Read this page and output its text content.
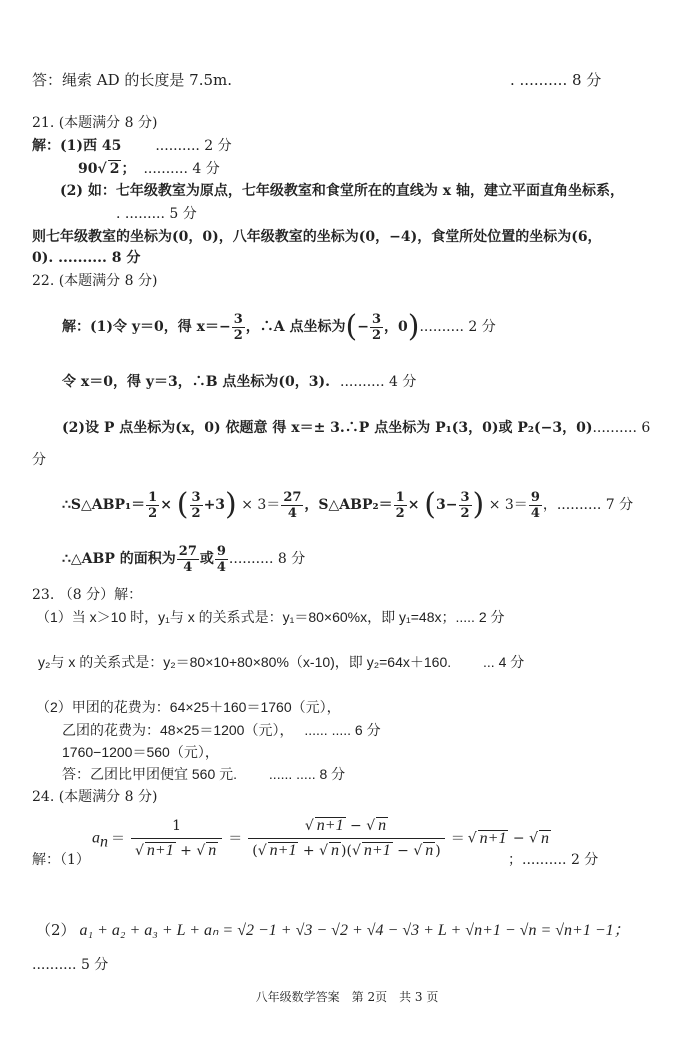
答：绳索 AD 的长度是 7.5m.	. .......... 8 分
21. (本题满分 8 分)
解：(1)西 45 .......... 2 分
90√ 2 ； .......... 4 分
(2) 如：七年级教室为原点，七年级教室和食堂所在的直线为 x 轴，建立平面直角坐标系，
. ......... 5 分
则七年级教室的坐标为(0，0)，八年级教室的坐标为(0，−4)，食堂所处位置的坐标为(6，
0). .......... 8 分
22. (本题满分 8 分)
解：(1)令 y＝0，得 $x=- \frac{3}{2}$ ，∴A 点坐标为(− $\frac{3}{2}$ ，0).......... 2 分
令 x＝0，得 y＝3，∴B 点坐标为(0，3). .......... 4 分
(2)设 P 点坐标为(x，0) 依题意 得 x＝± 3.∴P 点坐标为 P₁(3，0)或 P₂(−3，0).......... 6
分
∴S△ABP₁＝ $\frac{1}{2}$ × ( $\frac{3}{2} +3) \times 3= \frac{27}{4}$ ，S△ABP₂＝ $\frac{1}{2} \times (3- \frac{3}{2}$ ) × $3= \frac{9}{4}$ ，.......... 7 分
∴△ABP 的面积为 $\frac{27}{4}$ 或 $\frac{9}{4}$ .......... 8 分
23. （8 分）解：
（1）当 x＞10 时，y₁与 x 的关系式是：y₁＝80×60%x，即 y₁=48x；..... 2 分
y₂与 x 的关系式是：y₂＝80×10+80×80%（x-10)，即 y₂=64x＋160.　　 ... 4 分
（2）甲团的花费为：64×25＋160＝1760（元），
乙团的花费为：48×25＝1200（元），　 ...... ..... 6 分
1760−1200＝560（元），
答：乙团比甲团便宜 560 元.　　 ...... ..... 8 分
24. (本题满分 8 分)
解：（1）
$a_n = \frac{1}{√ n+1 + √ n} = \frac{√ n+1 - √ n}{(√ n+1 + √ n )(√ n+1 - √ n )}$ ＝ √ n+1 − √ n
；.......... 2 分
（2） a₁ + a₂ + a₃ + L + aₙ = √2 −1 + √3 − √2 + √4 − √3 + L + √n+1 − √n = √n+1 −1；
.......... 5 分
八年级数学答案　第 2页　共 3 页
